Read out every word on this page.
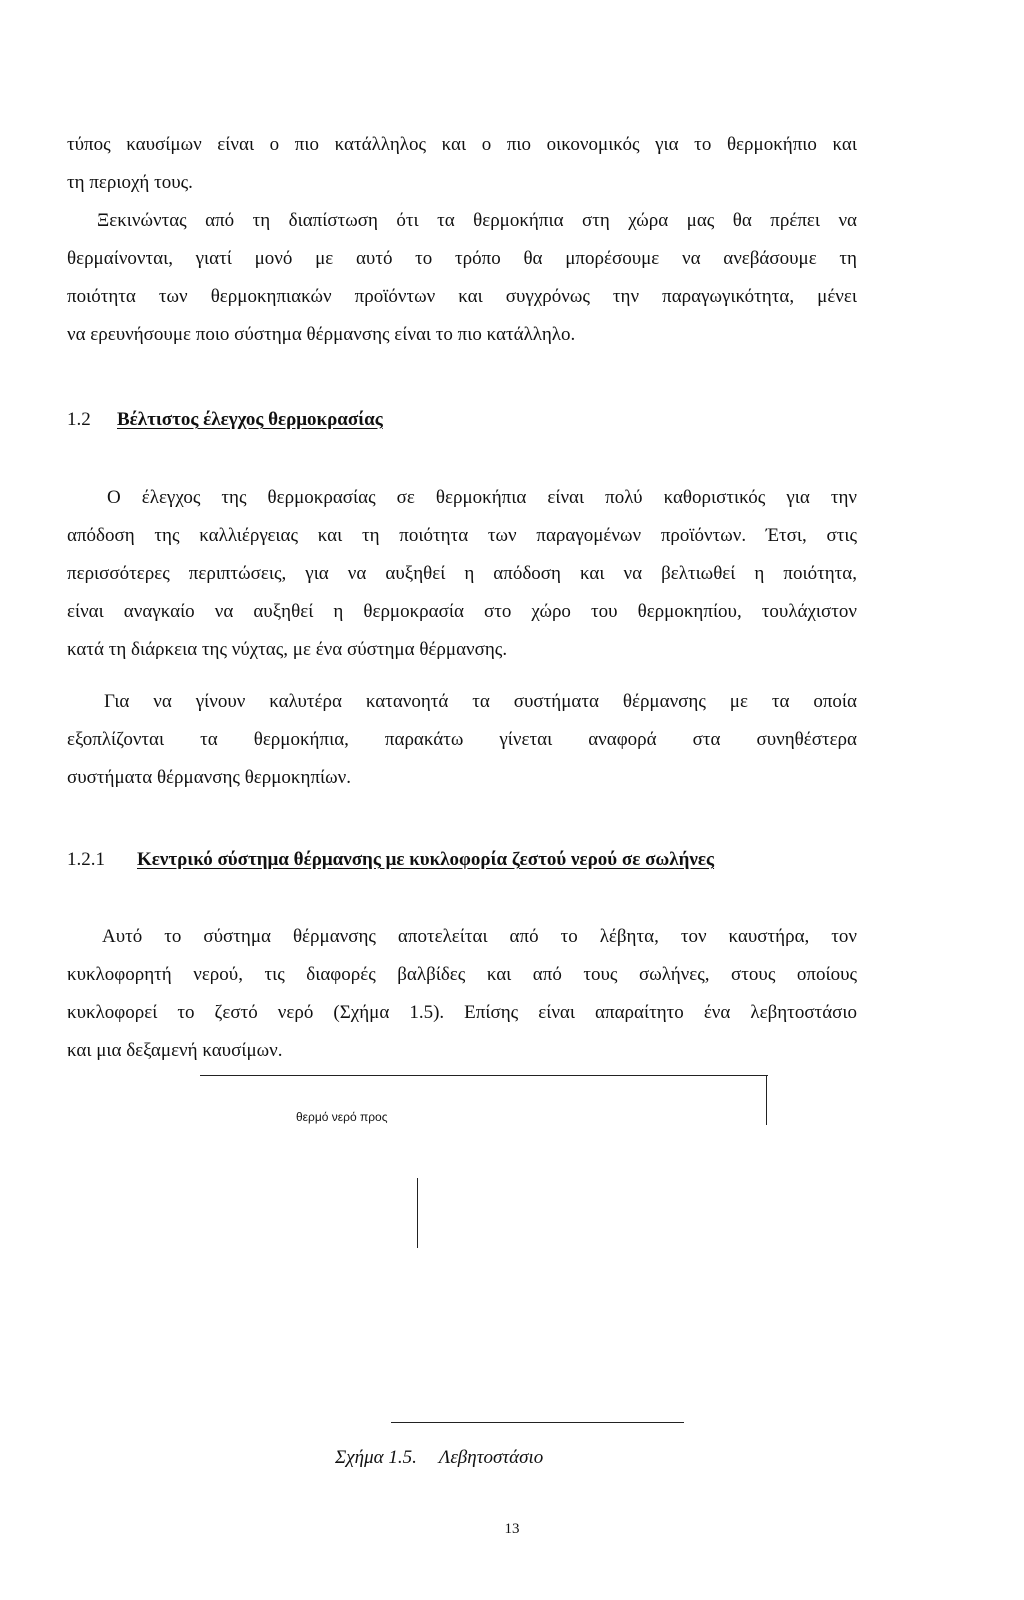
τύπος καυσίμων είναι ο πιο κατάλληλος και ο πιο οικονομικός για το θερμοκήπιο και
τη περιοχή τους.
Ξεκινώντας από τη διαπίστωση ότι τα θερμοκήπια στη χώρα μας θα πρέπει να
θερμαίνονται, γιατί μονό με αυτό το τρόπο θα μπορέσουμε να ανεβάσουμε τη
ποιότητα των θερμοκηπιακών προϊόντων και συγχρόνως την παραγωγικότητα, μένει
να ερευνήσουμε ποιο σύστημα θέρμανσης είναι το πιο κατάλληλο.
1.2 Βέλτιστος έλεγχος θερμοκρασίας
Ο έλεγχος της θερμοκρασίας σε θερμοκήπια είναι πολύ καθοριστικός για την
απόδοση της καλλιέργειας και τη ποιότητα των παραγομένων προϊόντων. Έτσι, στις
περισσότερες περιπτώσεις, για να αυξηθεί η απόδοση και να βελτιωθεί η ποιότητα,
είναι αναγκαίο να αυξηθεί η θερμοκρασία στο χώρο του θερμοκηπίου, τουλάχιστον
κατά τη διάρκεια της νύχτας, με ένα σύστημα θέρμανσης.
Για να γίνουν καλυτέρα κατανοητά τα συστήματα θέρμανσης με τα οποία
εξοπλίζονται τα θερμοκήπια, παρακάτω γίνεται αναφορά στα συνηθέστερα
συστήματα θέρμανσης θερμοκηπίων.
1.2.1 Κεντρικό σύστημα θέρμανσης με κυκλοφορία ζεστού νερού σε σωλήνες
Αυτό το σύστημα θέρμανσης αποτελείται από το λέβητα, τον καυστήρα, τον
κυκλοφορητή νερού, τις διαφορές βαλβίδες και από τους σωλήνες, στους οποίους
κυκλοφορεί το ζεστό νερό (Σχήμα 1.5). Επίσης είναι απαραίτητο ένα λεβητοστάσιο
και μια δεξαμενή καυσίμων.
θερμό νερό προς
Σχήμα 1.5. Λεβητοστάσιο
13
